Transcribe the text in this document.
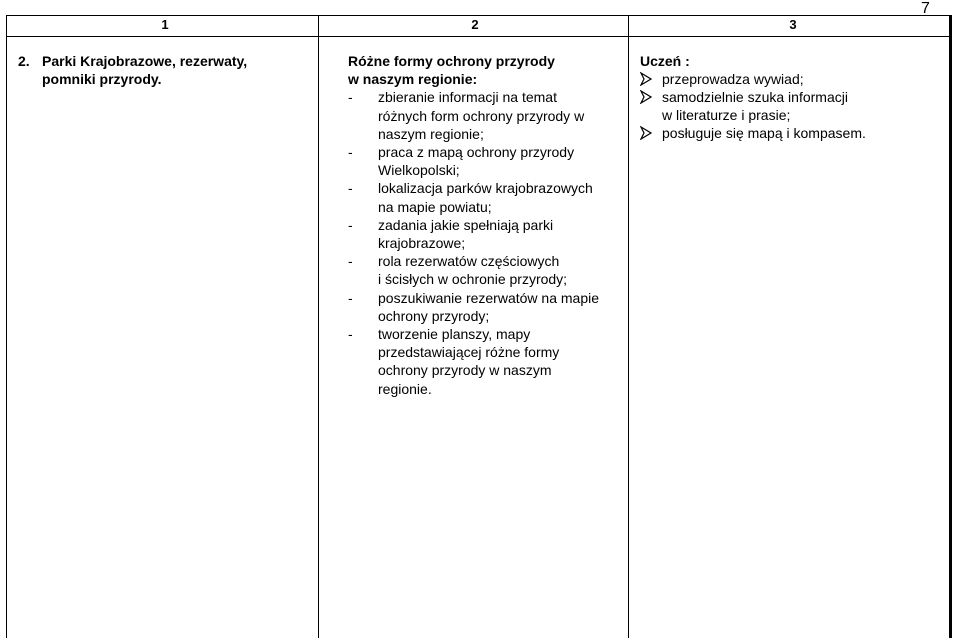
7
1	2	3
2. Parki Krajobrazowe, rezerwaty,
pomniki przyrody.
Różne formy ochrony przyrody
w naszym regionie:
- zbieranie informacji na temat
różnych form ochrony przyrody w
naszym regionie;
- praca z mapą ochrony przyrody
Wielkopolski;
- lokalizacja parków krajobrazowych
na mapie powiatu;
- zadania jakie spełniają parki
krajobrazowe;
- rola rezerwatów częściowych
i ścisłych w ochronie przyrody;
- poszukiwanie rezerwatów na mapie
ochrony przyrody;
- tworzenie planszy, mapy
przedstawiającej różne formy
ochrony przyrody w naszym
regionie.
Uczeń :
przeprowadza wywiad;
samodzielnie szuka informacji
w literaturze i prasie;
posługuje się mapą i kompasem.
